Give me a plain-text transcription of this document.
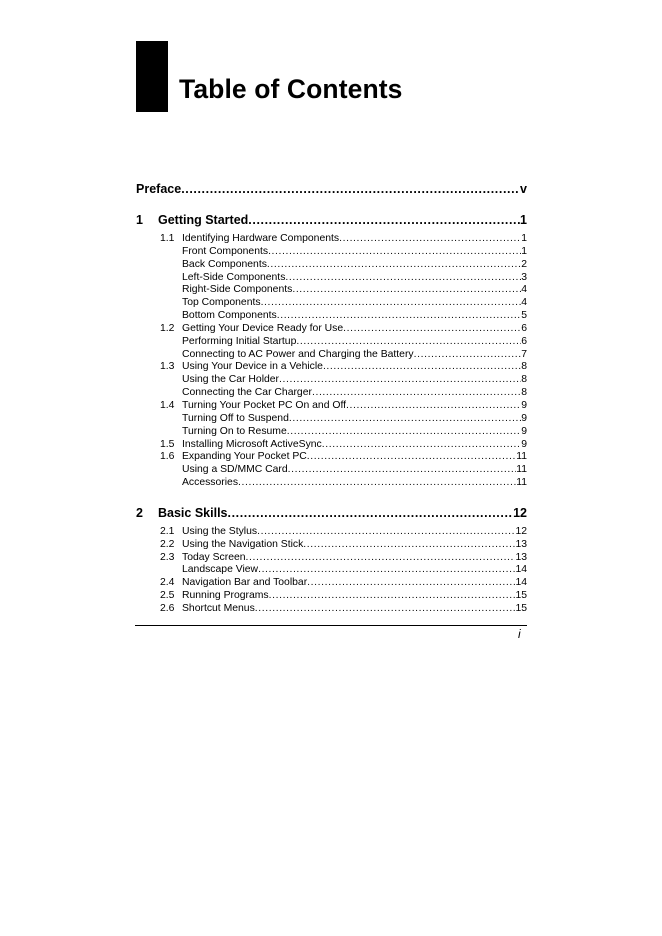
Table of Contents
Preface .....	v
1	Getting Started .....	1
1.1 Identifying Hardware Components .....	1
Front Components .....	1
Back Components .....	2
Left-Side Components .....	3
Right-Side Components .....	4
Top Components .....	4
Bottom Components .....	5
1.2 Getting Your Device Ready for Use .....	6
Performing Initial Startup .....	6
Connecting to AC Power and Charging the Battery .....	7
1.3 Using Your Device in a Vehicle .....	8
Using the Car Holder .....	8
Connecting the Car Charger .....	8
1.4 Turning Your Pocket PC On and Off .....	9
Turning Off to Suspend .....	9
Turning On to Resume .....	9
1.5 Installing Microsoft ActiveSync .....	9
1.6 Expanding Your Pocket PC .....	11
Using a SD/MMC Card .....	11
Accessories .....	11
2	Basic Skills .....	12
2.1 Using the Stylus .....	12
2.2 Using the Navigation Stick .....	13
2.3 Today Screen .....	13
Landscape View .....	14
2.4 Navigation Bar and Toolbar .....	14
2.5 Running Programs .....	15
2.6 Shortcut Menus .....	15
i
